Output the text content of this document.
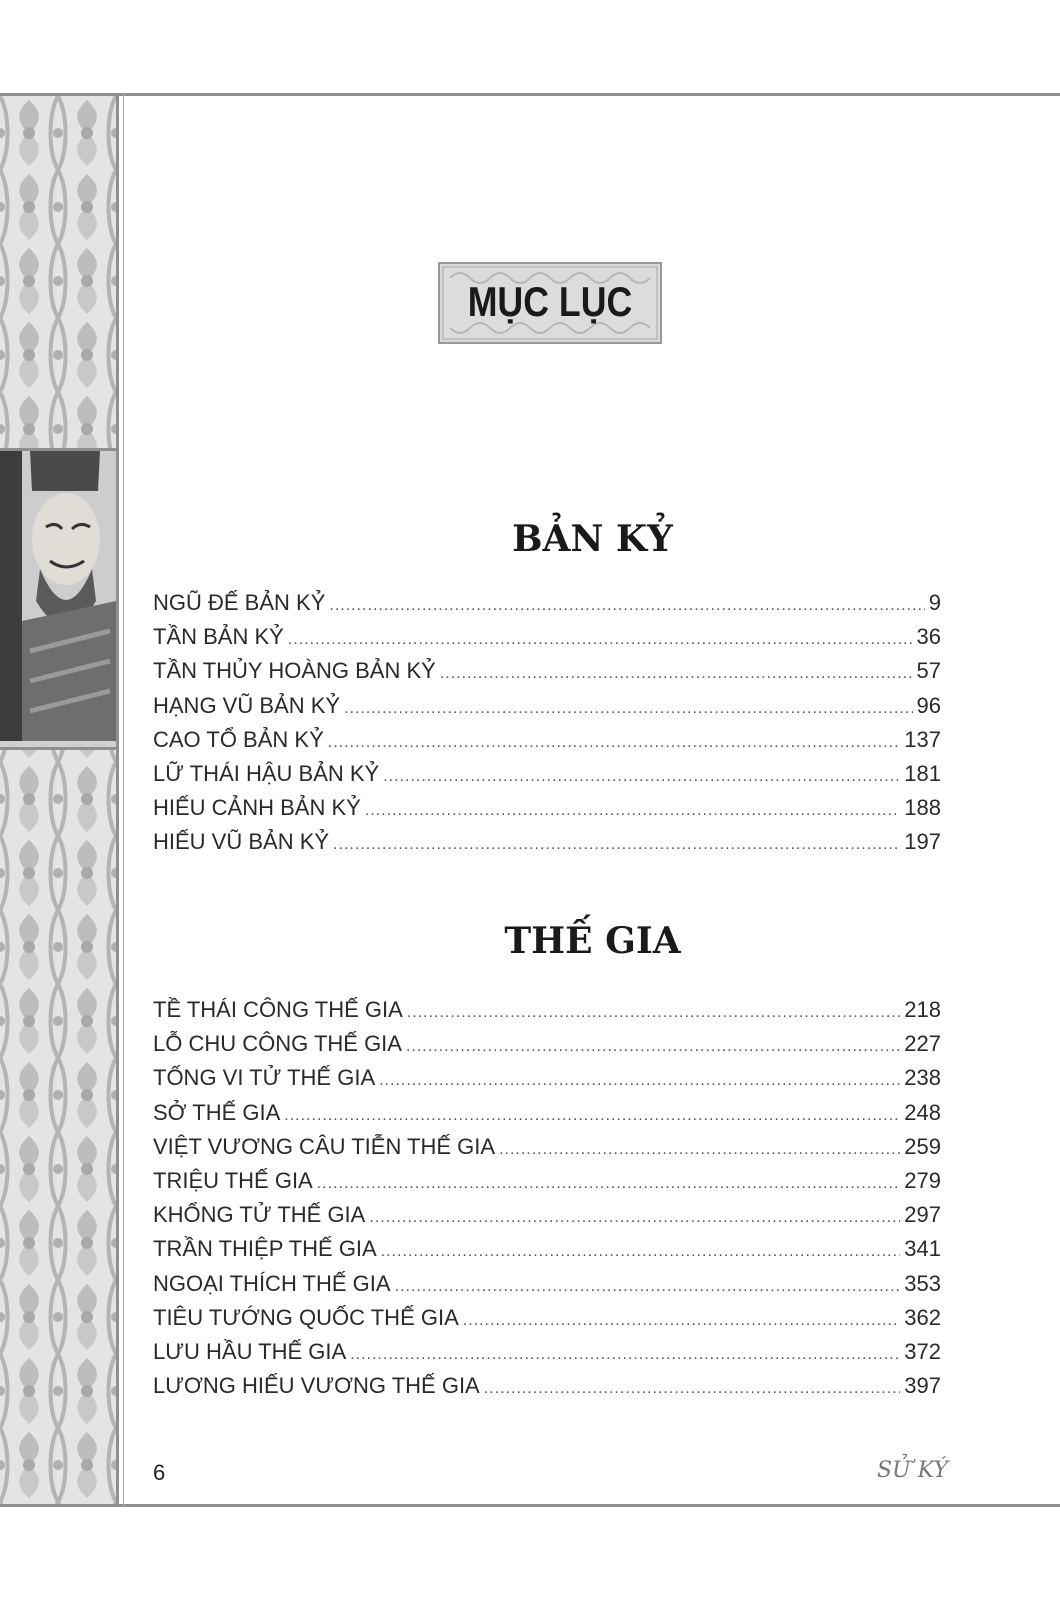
MỤC LỤC
BẢN KỶ
NGŨ ĐẾ BẢN KỶ .....	9
TẦN BẢN KỶ .....	36
TẦN THỦY HOÀNG BẢN KỶ .....	57
HẠNG VŨ BẢN KỶ .....	96
CAO TỔ BẢN KỶ .....	137
LỮ THÁI HẬU BẢN KỶ .....	181
HIẾU CẢNH BẢN KỶ .....	188
HIẾU VŨ BẢN KỶ .....	197
THẾ GIA
TỀ THÁI CÔNG THẾ GIA .....	218
LỖ CHU CÔNG THẾ GIA .....	227
TỐNG VI TỬ THẾ GIA .....	238
SỞ THẾ GIA .....	248
VIỆT VƯƠNG CÂU TIỄN THẾ GIA .....	259
TRIỆU THẾ GIA .....	279
KHỔNG TỬ THẾ GIA .....	297
TRẦN THIỆP THẾ GIA .....	341
NGOẠI THÍCH THẾ GIA .....	353
TIÊU TƯỚNG QUỐC THẾ GIA .....	362
LƯU HẦU THẾ GIA .....	372
LƯƠNG HIẾU VƯƠNG THẾ GIA .....	397
6	SỬ KÝ
